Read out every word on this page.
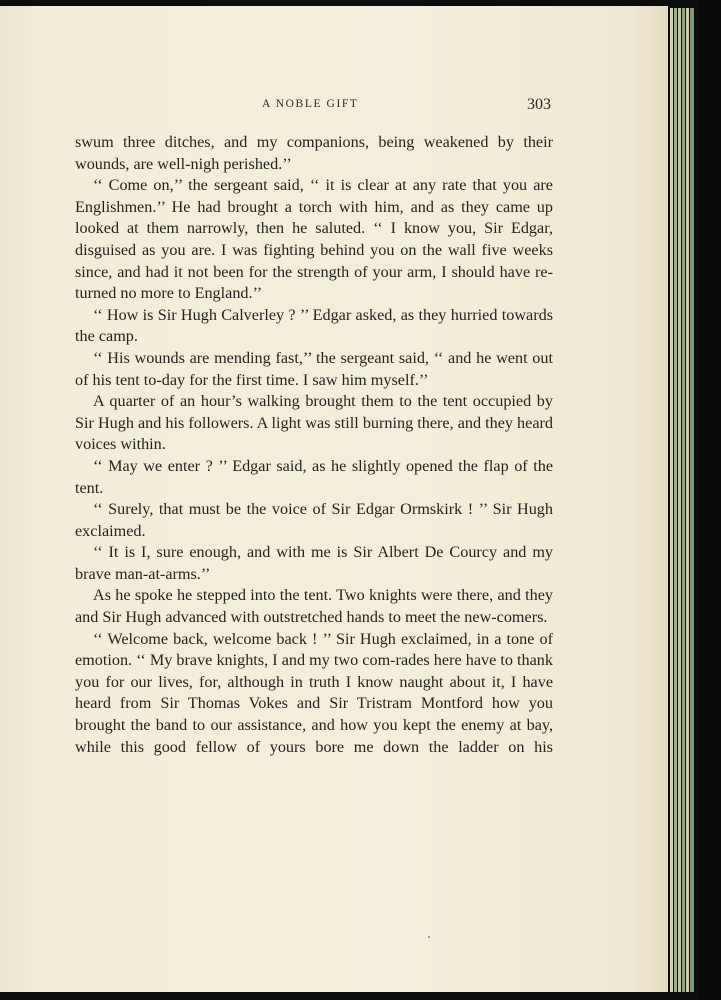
A NOBLE GIFT	303

swum three ditches, and my companions, being weakened by their wounds, are well-nigh perished.’’

‘‘ Come on,’’ the sergeant said, ‘‘ it is clear at any rate that you are Englishmen.’’ He had brought a torch with him, and as they came up looked at them narrowly, then he saluted. ‘‘ I know you, Sir Edgar, disguised as you are. I was fighting behind you on the wall five weeks since, and had it not been for the strength of your arm, I should have re-turned no more to England.’’

‘‘ How is Sir Hugh Calverley ? ’’ Edgar asked, as they hurried towards the camp.

‘‘ His wounds are mending fast,’’ the sergeant said, ‘‘ and he went out of his tent to-day for the first time. I saw him myself.’’

A quarter of an hour’s walking brought them to the tent occupied by Sir Hugh and his followers. A light was still burning there, and they heard voices within.

‘‘ May we enter ? ’’ Edgar said, as he slightly opened the flap of the tent.

‘‘ Surely, that must be the voice of Sir Edgar Ormskirk ! ’’ Sir Hugh exclaimed.

‘‘ It is I, sure enough, and with me is Sir Albert De Courcy and my brave man-at-arms.’’

As he spoke he stepped into the tent. Two knights were there, and they and Sir Hugh advanced with outstretched hands to meet the new-comers.

‘‘ Welcome back, welcome back ! ’’ Sir Hugh exclaimed, in a tone of emotion. ‘‘ My brave knights, I and my two com-rades here have to thank you for our lives, for, although in truth I know naught about it, I have heard from Sir Thomas Vokes and Sir Tristram Montford how you brought the band to our assistance, and how you kept the enemy at bay, while this good fellow of yours bore me down the ladder on his
